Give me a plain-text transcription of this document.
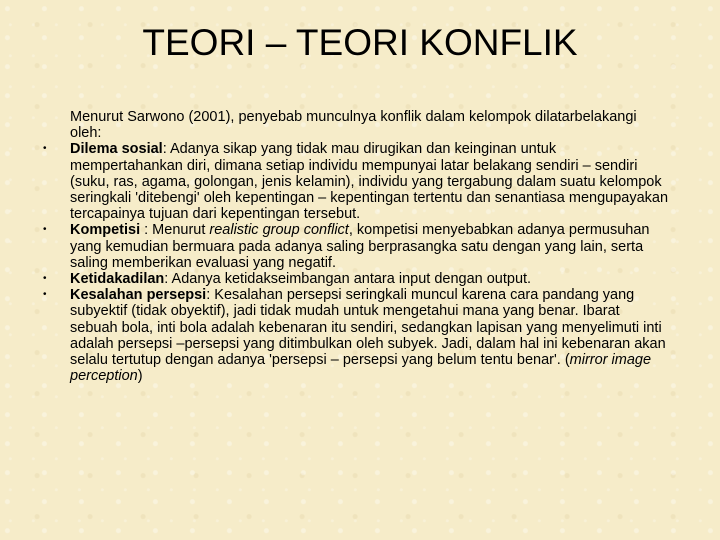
TEORI – TEORI KONFLIK
Menurut Sarwono (2001), penyebab munculnya konflik dalam kelompok dilatarbelakangi oleh:
•	Dilema sosial: Adanya sikap yang tidak mau dirugikan dan keinginan untuk mempertahankan diri, dimana setiap individu mempunyai latar belakang sendiri – sendiri (suku, ras, agama, golongan, jenis kelamin), individu yang tergabung dalam suatu kelompok seringkali 'ditebengi' oleh kepentingan – kepentingan tertentu dan senantiasa mengupayakan tercapainya tujuan dari kepentingan tersebut.
•	Kompetisi : Menurut realistic group conflict, kompetisi menyebabkan adanya permusuhan yang kemudian bermuara pada adanya saling berprasangka satu dengan yang lain, serta saling memberikan evaluasi yang negatif.
•	Ketidakadilan: Adanya ketidakseimbangan antara input dengan output.
•	Kesalahan persepsi: Kesalahan persepsi seringkali muncul karena cara pandang yang subyektif (tidak obyektif), jadi tidak mudah untuk mengetahui mana yang benar. Ibarat sebuah bola, inti bola adalah kebenaran itu sendiri, sedangkan lapisan yang menyelimuti inti adalah persepsi –persepsi yang ditimbulkan oleh subyek. Jadi, dalam hal ini kebenaran akan selalu tertutup dengan adanya 'persepsi – persepsi yang belum tentu benar'. (mirror image perception)
